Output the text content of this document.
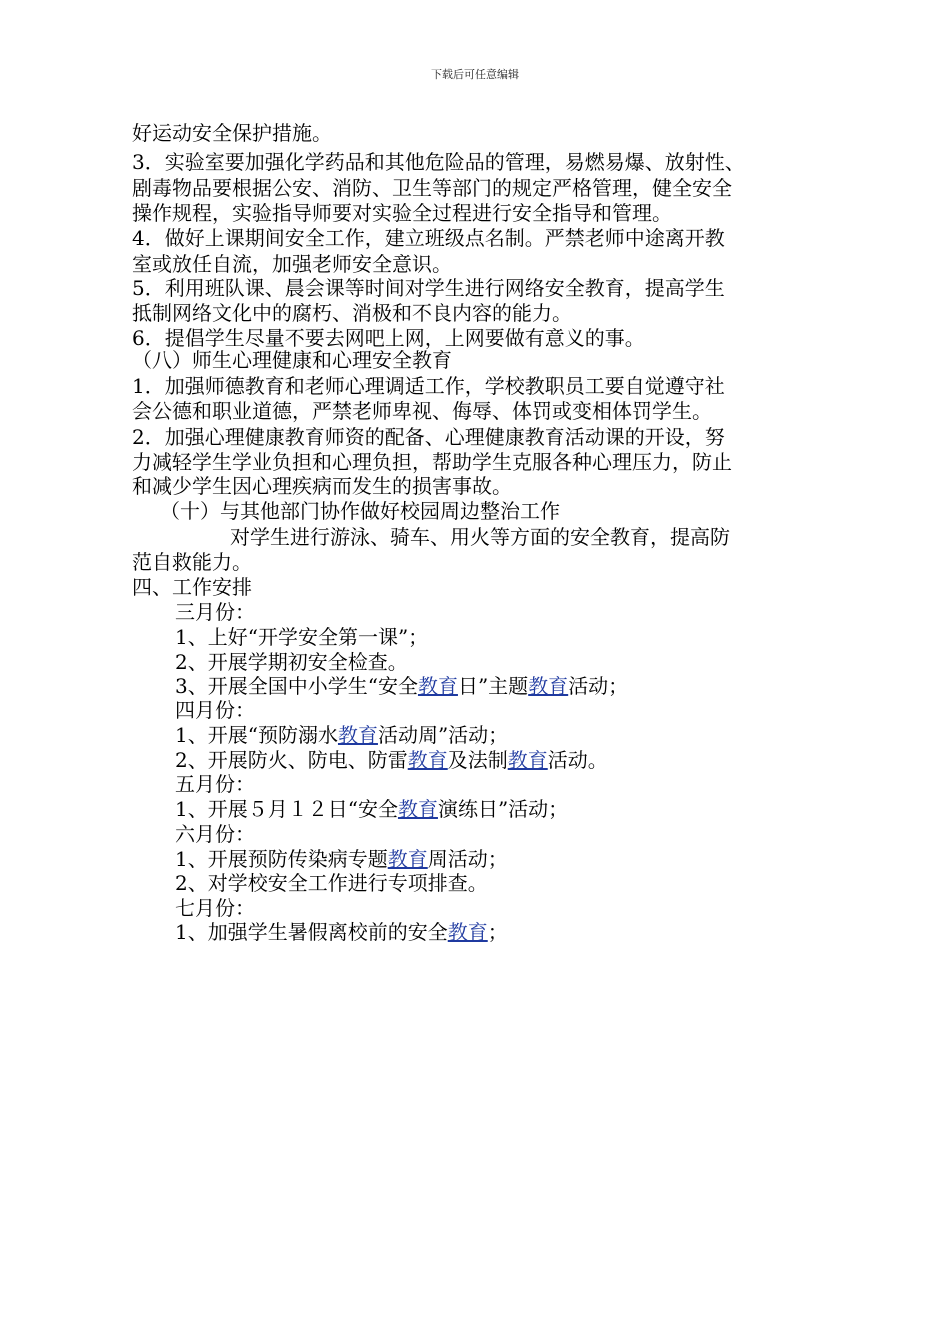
下载后可任意编辑

好运动安全保护措施。

3．实验室要加强化学药品和其他危险品的管理，易燃易爆、放射性、

剧毒物品要根据公安、消防、卫生等部门的规定严格管理，健全安全

操作规程，实验指导师要对实验全过程进行安全指导和管理。

4．做好上课期间安全工作，建立班级点名制。严禁老师中途离开教

室或放任自流，加强老师安全意识。

5．利用班队课、晨会课等时间对学生进行网络安全教育，提高学生

抵制网络文化中的腐朽、消极和不良内容的能力。

6．提倡学生尽量不要去网吧上网，上网要做有意义的事。

（八）师生心理健康和心理安全教育

1．加强师德教育和老师心理调适工作，学校教职员工要自觉遵守社

会公德和职业道德，严禁老师卑视、侮辱、体罚或变相体罚学生。

2．加强心理健康教育师资的配备、心理健康教育活动课的开设，努

力减轻学生学业负担和心理负担，帮助学生克服各种心理压力，防止

和减少学生因心理疾病而发生的损害事故。

（十）与其他部门协作做好校园周边整治工作

对学生进行游泳、骑车、用火等方面的安全教育，提高防

范自救能力。

四、工作安排

三月份：

1、上好“开学安全第一课”；

2、开展学期初安全检查。

3、开展全国中小学生“安全教育日”主题教育活动；

四月份：

1、开展“预防溺水教育活动周”活动；

2、开展防火、防电、防雷教育及法制教育活动。

五月份：

1、开展５月１２日“安全教育演练日”活动；

六月份：

1、开展预防传染病专题教育周活动；

2、对学校安全工作进行专项排查。

七月份：

1、加强学生暑假离校前的安全教育；
